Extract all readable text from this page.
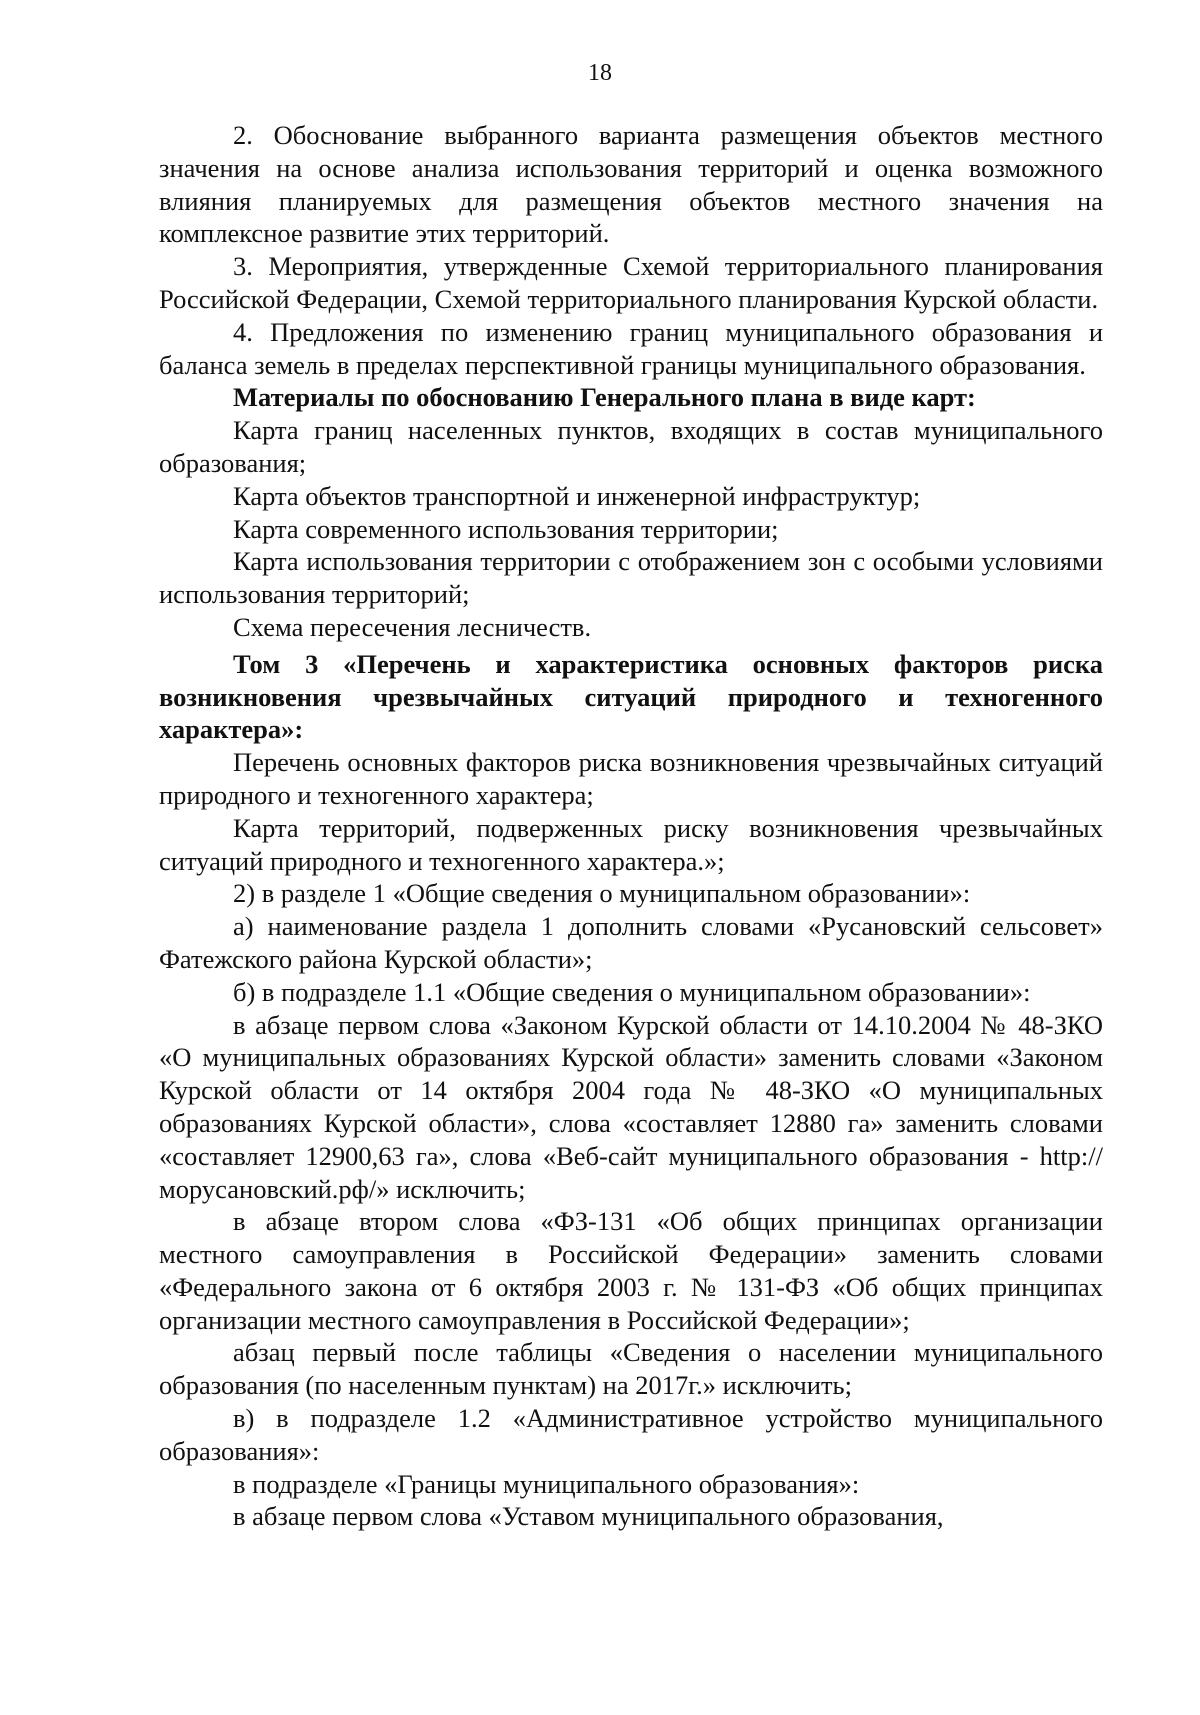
18

2. Обоснование выбранного варианта размещения объектов местного значения на основе анализа использования территорий и оценка возможного влияния планируемых для размещения объектов местного значения на комплексное развитие этих территорий.

3. Мероприятия, утвержденные Схемой территориального планирования Российской Федерации, Схемой территориального планирования Курской области.

4. Предложения по изменению границ муниципального образования и баланса земель в пределах перспективной границы муниципального образования.

Материалы по обоснованию Генерального плана в виде карт:

Карта границ населенных пунктов, входящих в состав муниципального образования;

Карта объектов транспортной и инженерной инфраструктур;

Карта современного использования территории;

Карта использования территории с отображением зон с особыми условиями использования территорий;

Схема пересечения лесничеств.

Том 3 «Перечень и характеристика основных факторов риска возникновения чрезвычайных ситуаций природного и техногенного характера»:

Перечень основных факторов риска возникновения чрезвычайных ситуаций природного и техногенного характера;

Карта территорий, подверженных риску возникновения чрезвычайных ситуаций природного и техногенного характера.»;

2) в разделе 1 «Общие сведения о муниципальном образовании»:

а) наименование раздела 1 дополнить словами «Русановский сельсовет» Фатежского района Курской области»;

б) в подразделе 1.1 «Общие сведения о муниципальном образовании»:

в абзаце первом слова «Законом Курской области от 14.10.2004 № 48-ЗКО «О муниципальных образованиях Курской области» заменить словами «Законом Курской области от 14 октября 2004 года № 48-ЗКО «О муниципальных образованиях Курской области», слова «составляет 12880 га» заменить словами «составляет 12900,63 га», слова «Веб-сайт муниципального образования - http://морусановский.рф/» исключить;

в абзаце втором слова «ФЗ-131 «Об общих принципах организации местного самоуправления в Российской Федерации» заменить словами «Федерального закона от 6 октября 2003 г. № 131-ФЗ «Об общих принципах организации местного самоуправления в Российской Федерации»;

абзац первый после таблицы «Сведения о населении муниципального образования (по населенным пунктам) на 2017г.» исключить;

в) в подразделе 1.2 «Административное устройство муниципального образования»:

в подразделе «Границы муниципального образования»:

в абзаце первом слова «Уставом муниципального образования,
